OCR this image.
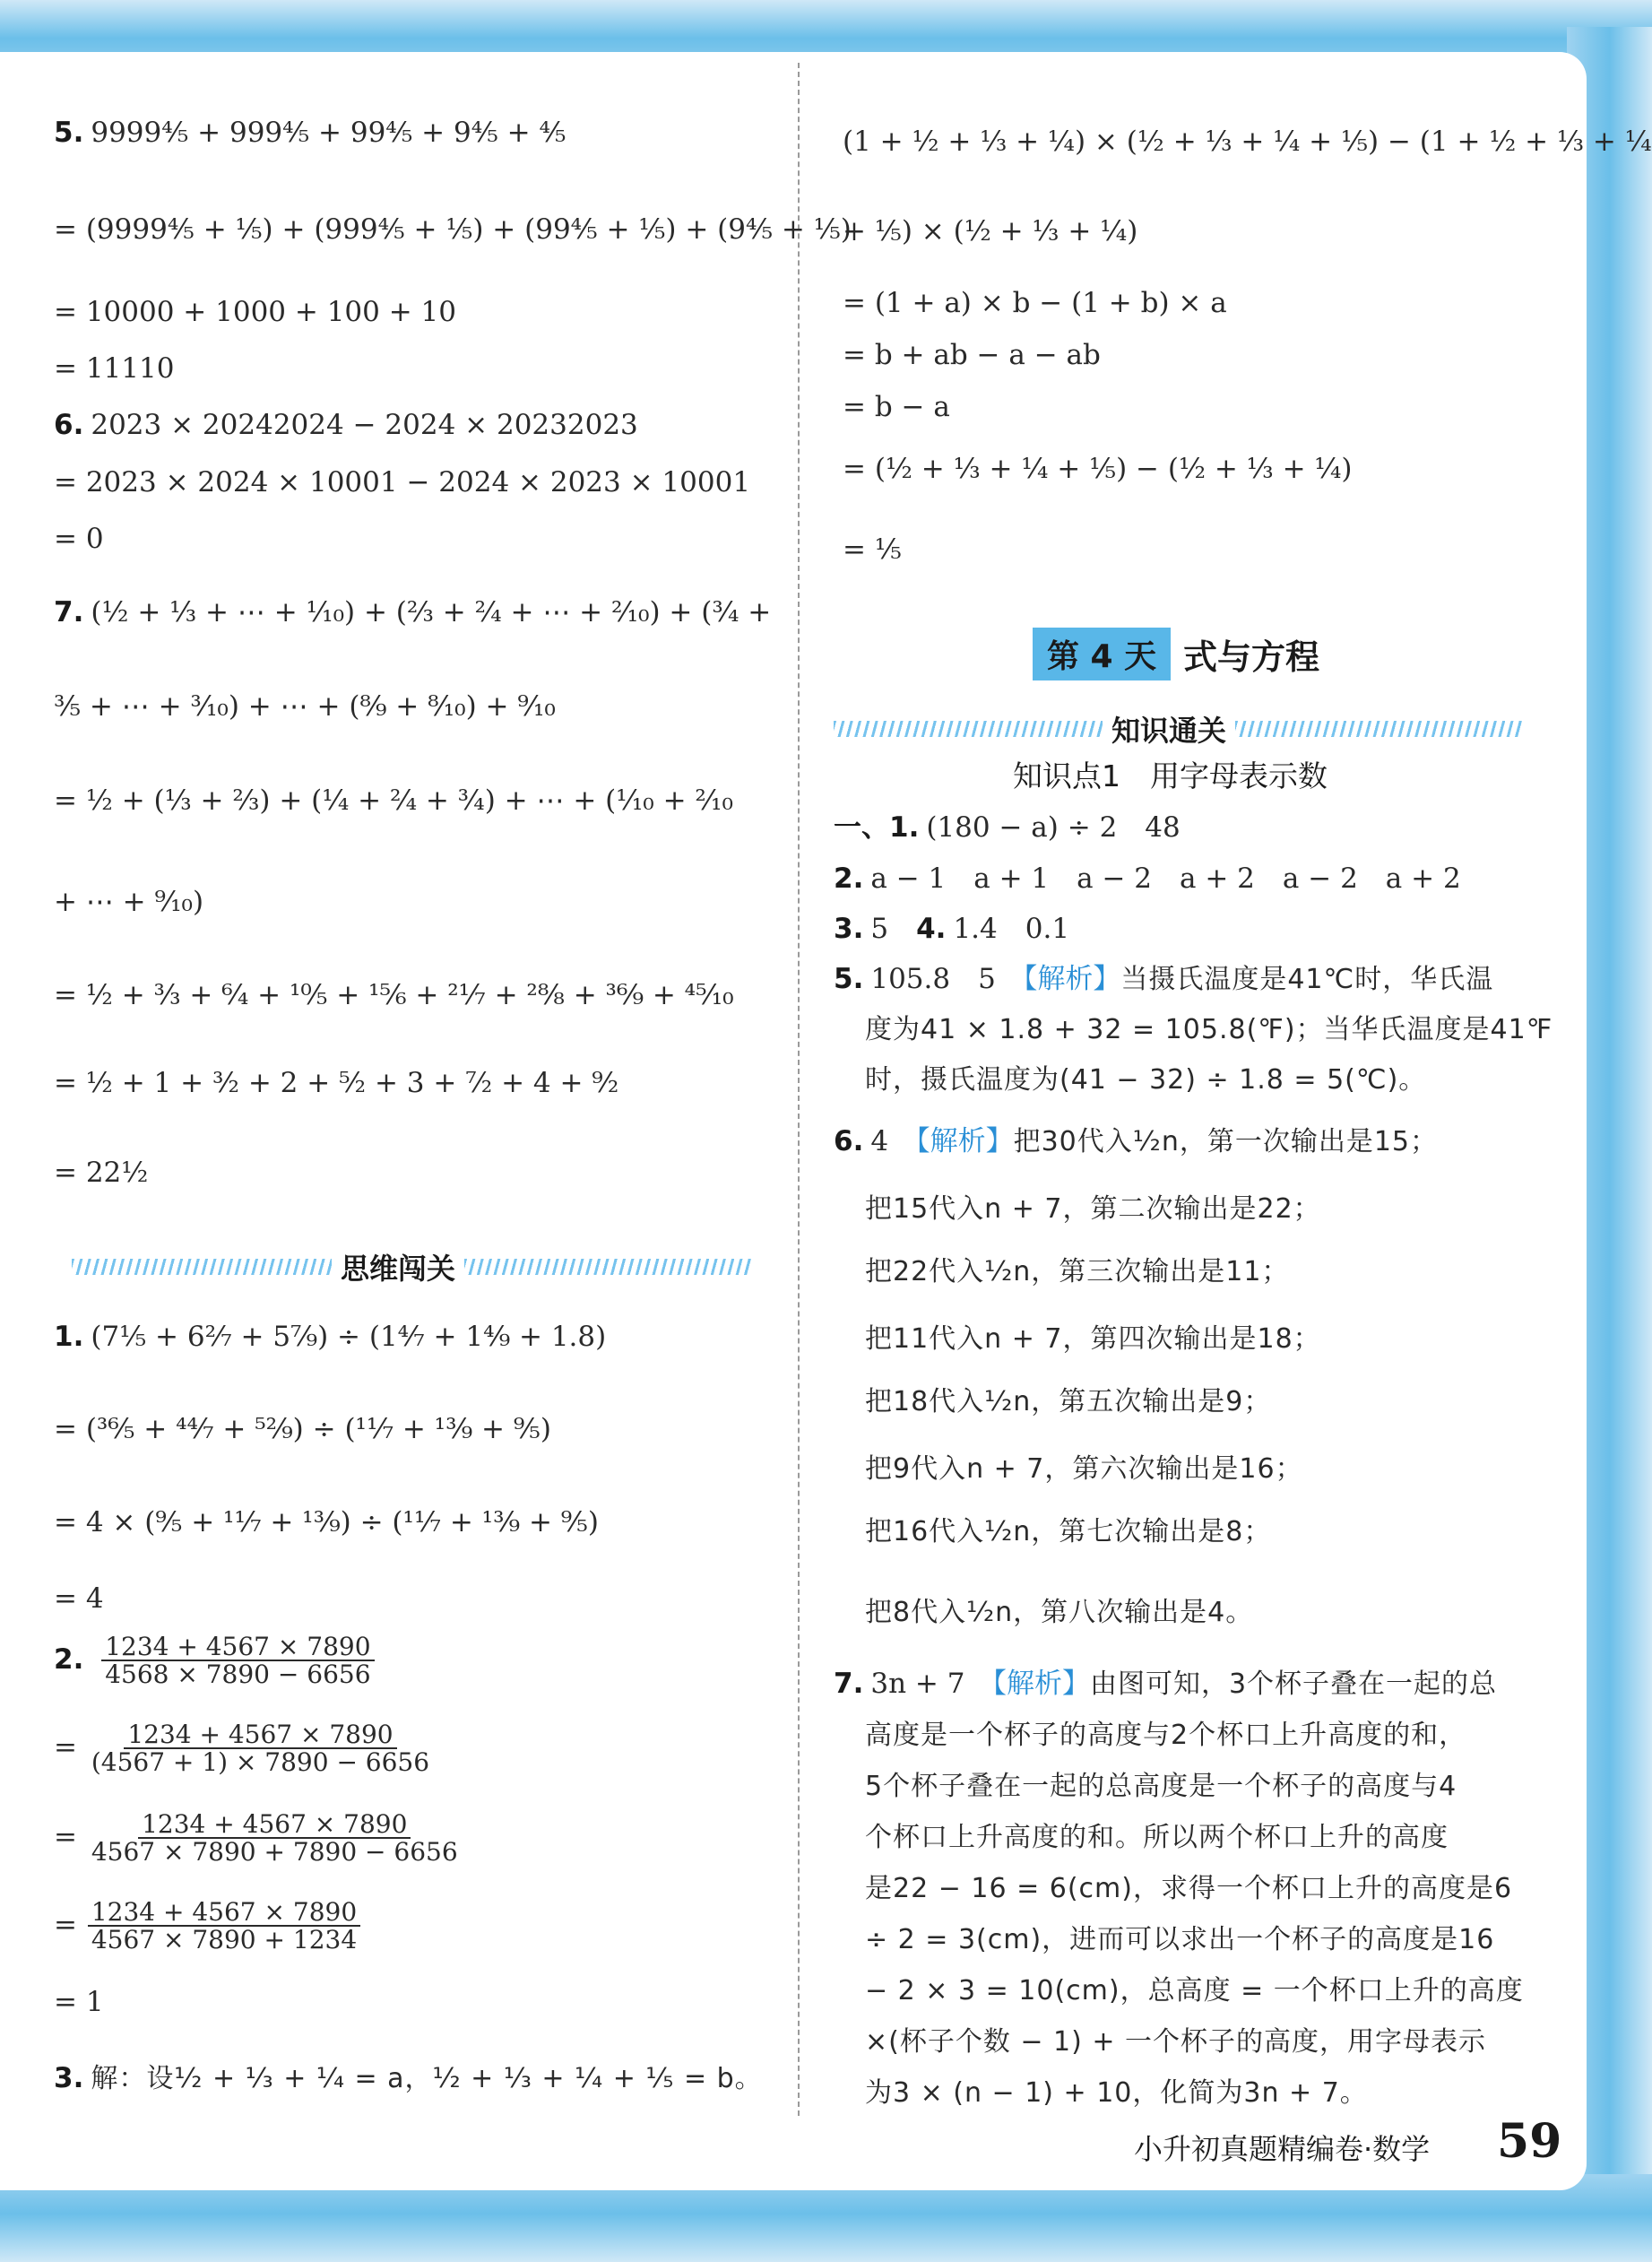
5. 9999⁴⁄₅ + 999⁴⁄₅ + 99⁴⁄₅ + 9⁴⁄₅ + ⁴⁄₅
= (9999⁴⁄₅ + ¹⁄₅) + (999⁴⁄₅ + ¹⁄₅) + (99⁴⁄₅ + ¹⁄₅) + (9⁴⁄₅ + ¹⁄₅)
= 10000 + 1000 + 100 + 10
= 11110
6. 2023 × 20242024 − 2024 × 20232023
= 2023 × 2024 × 10001 − 2024 × 2023 × 10001
= 0
7. (¹⁄₂ + ¹⁄₃ + ⋯ + ¹⁄₁₀) + (²⁄₃ + ²⁄₄ + ⋯ + ²⁄₁₀) + (³⁄₄ +
³⁄₅ + ⋯ + ³⁄₁₀) + ⋯ + (⁸⁄₉ + ⁸⁄₁₀) + ⁹⁄₁₀
= ¹⁄₂ + (¹⁄₃ + ²⁄₃) + (¹⁄₄ + ²⁄₄ + ³⁄₄) + ⋯ + (¹⁄₁₀ + ²⁄₁₀
+ ⋯ + ⁹⁄₁₀)
= ¹⁄₂ + ³⁄₃ + ⁶⁄₄ + ¹⁰⁄₅ + ¹⁵⁄₆ + ²¹⁄₇ + ²⁸⁄₈ + ³⁶⁄₉ + ⁴⁵⁄₁₀
= ¹⁄₂ + 1 + ³⁄₂ + 2 + ⁵⁄₂ + 3 + ⁷⁄₂ + 4 + ⁹⁄₂
= 22¹⁄₂
思维闯关
1. (7¹⁄₅ + 6²⁄₇ + 5⁷⁄₉) ÷ (1⁴⁄₇ + 1⁴⁄₉ + 1.8)
= (³⁶⁄₅ + ⁴⁴⁄₇ + ⁵²⁄₉) ÷ (¹¹⁄₇ + ¹³⁄₉ + ⁹⁄₅)
= 4 × (⁹⁄₅ + ¹¹⁄₇ + ¹³⁄₉) ÷ (¹¹⁄₇ + ¹³⁄₉ + ⁹⁄₅)
= 4
2. $\frac{1234 + 4567 \times 7890}{4568 \times 7890 - 6656}$
= $\frac{1234 + 4567 \times 7890}{(4567 + 1) \times 7890 - 6656}$
= $\frac{1234 + 4567 \times 7890}{4567 \times 7890 + 7890 - 6656}$
= $\frac{1234 + 4567 \times 7890}{4567 \times 7890 + 1234}$
= 1
3. 解：设¹⁄₂ + ¹⁄₃ + ¹⁄₄ = a，¹⁄₂ + ¹⁄₃ + ¹⁄₄ + ¹⁄₅ = b。
(1 + ¹⁄₂ + ¹⁄₃ + ¹⁄₄) × (¹⁄₂ + ¹⁄₃ + ¹⁄₄ + ¹⁄₅) − (1 + ¹⁄₂ + ¹⁄₃ + ¹⁄₄
+ ¹⁄₅) × (¹⁄₂ + ¹⁄₃ + ¹⁄₄)
= (1 + a) × b − (1 + b) × a
= b + ab − a − ab
= b − a
= (¹⁄₂ + ¹⁄₃ + ¹⁄₄ + ¹⁄₅) − (¹⁄₂ + ¹⁄₃ + ¹⁄₄)
= ¹⁄₅
第 4 天 式与方程
知识通关
知识点1　用字母表示数
一、1. (180 − a) ÷ 2　48
2. a − 1　a + 1　a − 2　a + 2　a − 2　a + 2
3. 5　 4. 1.4　0.1
5. 105.8　5　【解析】当摄氏温度是41℃时，华氏温
度为41 × 1.8 + 32 = 105.8(℉)；当华氏温度是41℉
时，摄氏温度为(41 − 32) ÷ 1.8 = 5(℃)。
6. 4　【解析】把30代入¹⁄₂n，第一次输出是15；
把15代入n + 7，第二次输出是22；
把22代入¹⁄₂n，第三次输出是11；
把11代入n + 7，第四次输出是18；
把18代入¹⁄₂n，第五次输出是9；
把9代入n + 7，第六次输出是16；
把16代入¹⁄₂n，第七次输出是8；
把8代入¹⁄₂n，第八次输出是4。
7. 3n + 7　【解析】由图可知，3个杯子叠在一起的总
高度是一个杯子的高度与2个杯口上升高度的和，
5个杯子叠在一起的总高度是一个杯子的高度与4
个杯口上升高度的和。所以两个杯口上升的高度
是22 − 16 = 6(cm)，求得一个杯口上升的高度是6
÷ 2 = 3(cm)，进而可以求出一个杯子的高度是16
− 2 × 3 = 10(cm)，总高度 = 一个杯口上升的高度
×(杯子个数 − 1) + 一个杯子的高度，用字母表示
为3 × (n − 1) + 10，化简为3n + 7。
小升初真题精编卷·数学 59
